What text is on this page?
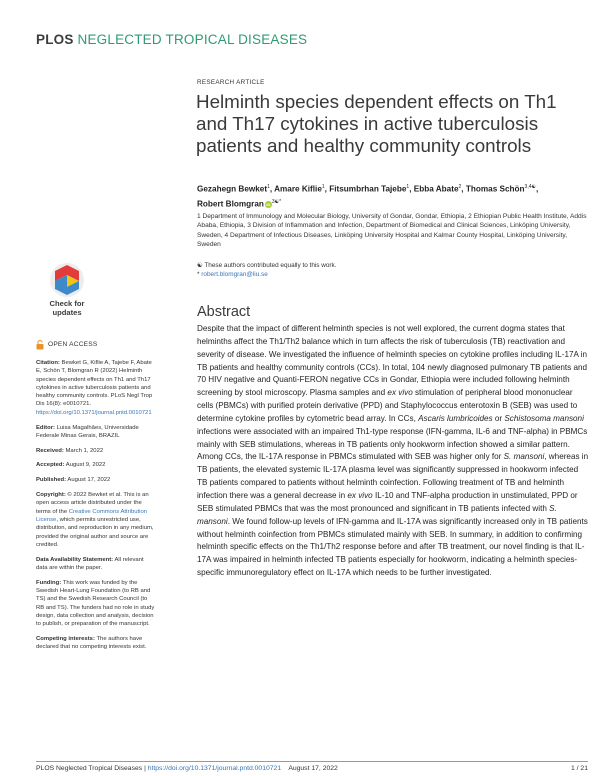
PLOS NEGLECTED TROPICAL DISEASES
RESEARCH ARTICLE
Helminth species dependent effects on Th1 and Th17 cytokines in active tuberculosis patients and healthy community controls
Gezahegn Bewket$^1$, Amare Kiflie$^1$, Fitsumbrhan Tajebe$^1$, Ebba Abate$^2$, Thomas Schön$^{3,4☯}$,
Robert Blomgran iD $^{3☯*}$
1 Department of Immunology and Molecular Biology, University of Gondar, Gondar, Ethiopia, 2 Ethiopian Public Health Institute, Addis Ababa, Ethiopia, 3 Division of Inflammation and Infection, Department of Biomedical and Clinical Sciences, Linköping University, Sweden, 4 Department of Infectious Diseases, Linköping University Hospital and Kalmar County Hospital, Linköping University, Sweden
☯ These authors contributed equally to this work.
* robert.blomgran@liu.se
Check for
updates
OPEN ACCESS

Citation: Bewket G, Kiflie A, Tajebe F, Abate E, Schön T, Blomgran R (2022) Helminth species dependent effects on Th1 and Th17 cytokines in active tuberculosis patients and healthy community controls. PLoS Negl Trop Dis 16(8): e0010721. https://doi.org/10.1371/journal.pntd.0010721

Editor: Luisa Magalhães, Universidade Federale Minas Gerais, BRAZIL

Received: March 1, 2022

Accepted: August 9, 2022

Published: August 17, 2022

Copyright: © 2022 Bewket et al. This is an open access article distributed under the terms of the Creative Commons Attribution License, which permits unrestricted use, distribution, and reproduction in any medium, provided the original author and source are credited.

Data Availability Statement: All relevant data are within the paper.

Funding: This work was funded by the Swedish Heart-Lung Foundation (to RB and TS) and the Swedish Research Council (to RB and TS). The funders had no role in study design, data collection and analysis, decision to publish, or preparation of the manuscript.

Competing interests: The authors have declared that no competing interests exist.

Abstract
Despite that the impact of different helminth species is not well explored, the current dogma states that helminths affect the Th1/Th2 balance which in turn affects the risk of tuberculosis (TB) reactivation and severity of disease. We investigated the influence of helminth species on cytokine profiles including IL-17A in TB patients and healthy community controls (CCs). In total, 104 newly diagnosed pulmonary TB patients and 70 HIV negative and Quanti-FERON negative CCs in Gondar, Ethiopia were included following helminth screening by stool microscopy. Plasma samples and ex vivo stimulation of peripheral blood mononuclear cells (PBMCs) with purified protein derivative (PPD) and Staphylococcus enterotoxin B (SEB) was used to determine cytokine profiles by cytometric bead array. In CCs, Ascaris lumbricoides or Schistosoma mansoni infections were associated with an impaired Th1-type response (IFN-gamma, IL-6 and TNF-alpha) in PBMCs mainly with SEB stimulations, whereas in TB patients only hookworm infection showed a similar pattern. Among CCs, the IL-17A response in PBMCs stimulated with SEB was higher only for S. mansoni, whereas in TB patients, the elevated systemic IL-17A plasma level was significantly suppressed in hookworm infected TB patients compared to patients without helminth coinfection. Following treatment of TB and helminth infection there was a general decrease in ex vivo IL-10 and TNF-alpha production in unstimulated, PPD or SEB stimulated PBMCs that was the most pronounced and significant in TB patients infected with S. mansoni. We found follow-up levels of IFN-gamma and IL-17A was significantly increased only in TB patients without helminth coinfection from PBMCs stimulated mainly with SEB. In summary, in addition to confirming helminth specific effects on the Th1/Th2 response before and after TB treatment, our novel finding is that IL-17A was impaired in helminth infected TB patients especially for hookworm, indicating a helminth species-specific immunoregulatory effect on IL-17A which needs to be further investigated.
PLOS Neglected Tropical Diseases | https://doi.org/10.1371/journal.pntd.0010721 August 17, 2022	1 / 21
